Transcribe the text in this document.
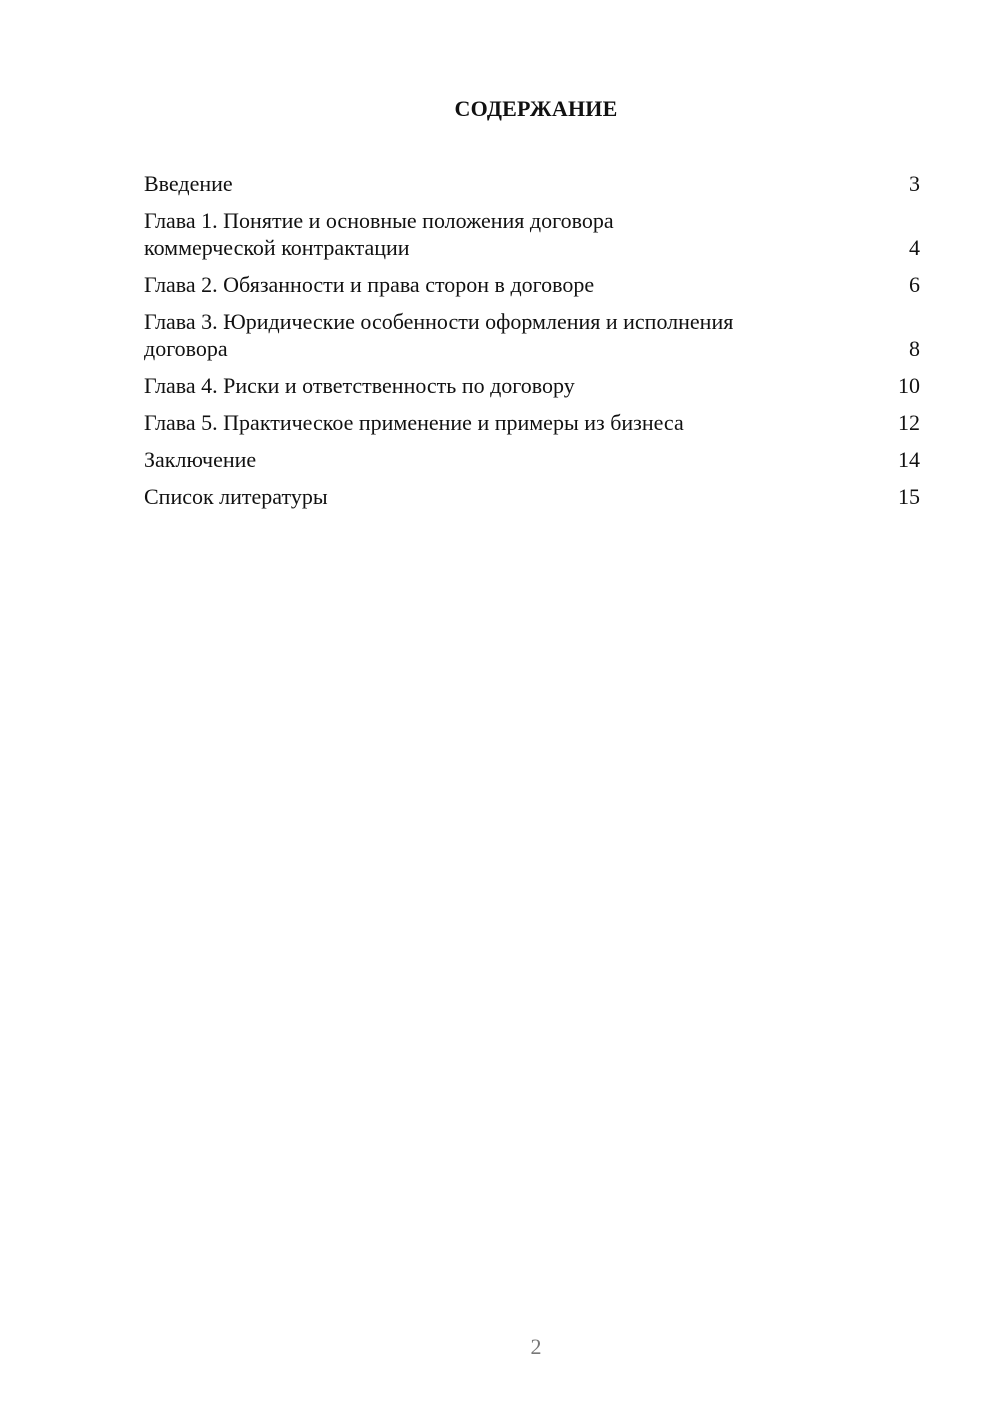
СОДЕРЖАНИЕ
Введение	3
Глава 1. Понятие и основные положения договора
коммерческой контрактации	4
Глава 2. Обязанности и права сторон в договоре	6
Глава 3. Юридические особенности оформления и исполнения
договора	8
Глава 4. Риски и ответственность по договору	10
Глава 5. Практическое применение и примеры из бизнеса	12
Заключение	14
Список литературы	15
2
